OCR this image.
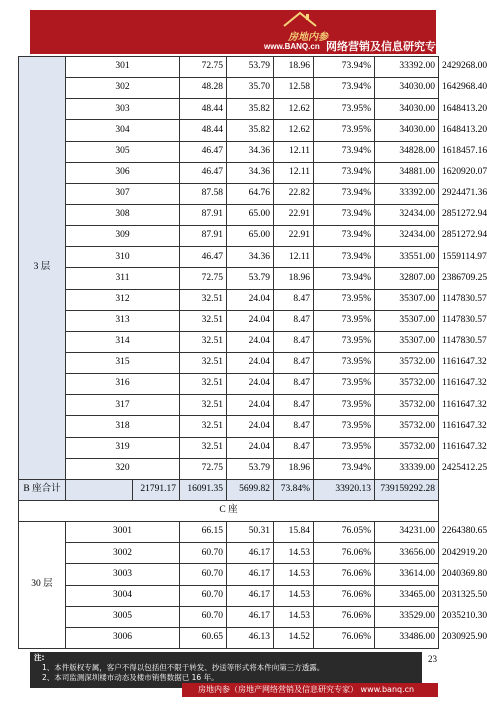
房地内参
www.BANQ.cn 网络营销及信息研究专家
3 层	301		72.75	53.79	18.96	73.94%	33392.00	2429268.00
	302		48.28	35.70	12.58	73.94%	34030.00	1642968.40
	303		48.44	35.82	12.62	73.95%	34030.00	1648413.20
	304		48.44	35.82	12.62	73.95%	34030.00	1648413.20
	305		46.47	34.36	12.11	73.94%	34828.00	1618457.16
	306		46.47	34.36	12.11	73.94%	34881.00	1620920.07
	307		87.58	64.76	22.82	73.94%	33392.00	2924471.36
	308		87.91	65.00	22.91	73.94%	32434.00	2851272.94
	309		87.91	65.00	22.91	73.94%	32434.00	2851272.94
	310		46.47	34.36	12.11	73.94%	33551.00	1559114.97
	311		72.75	53.79	18.96	73.94%	32807.00	2386709.25
	312		32.51	24.04	8.47	73.95%	35307.00	1147830.57
	313		32.51	24.04	8.47	73.95%	35307.00	1147830.57
	314		32.51	24.04	8.47	73.95%	35307.00	1147830.57
	315		32.51	24.04	8.47	73.95%	35732.00	1161647.32
	316		32.51	24.04	8.47	73.95%	35732.00	1161647.32
	317		32.51	24.04	8.47	73.95%	35732.00	1161647.32
	318		32.51	24.04	8.47	73.95%	35732.00	1161647.32
	319		32.51	24.04	8.47	73.95%	35732.00	1161647.32
	320		72.75	53.79	18.96	73.94%	33339.00	2425412.25
B 座合计		21791.17	16091.35	5699.82	73.84%	33920.13	739159292.28	
C 座								
30 层	3001		66.15	50.31	15.84	76.05%	34231.00	2264380.65
	3002		60.70	46.17	14.53	76.06%	33656.00	2042919.20
	3003		60.70	46.17	14.53	76.06%	33614.00	2040369.80
	3004		60.70	46.17	14.53	76.06%	33465.00	2031325.50
	3005		60.70	46.17	14.53	76.06%	33529.00	2035210.30
	3006		60.65	46.13	14.52	76.06%	33486.00	2030925.90
注:
1、本件版权专属，客户不得以包括但不限于转发、抄送等形式将本件向第三方透露。
2、本司监测深圳楼市动态及楼市销售数据已 16 年。
23
房地内参（房地产网络营销及信息研究专家） www.banq.cn
